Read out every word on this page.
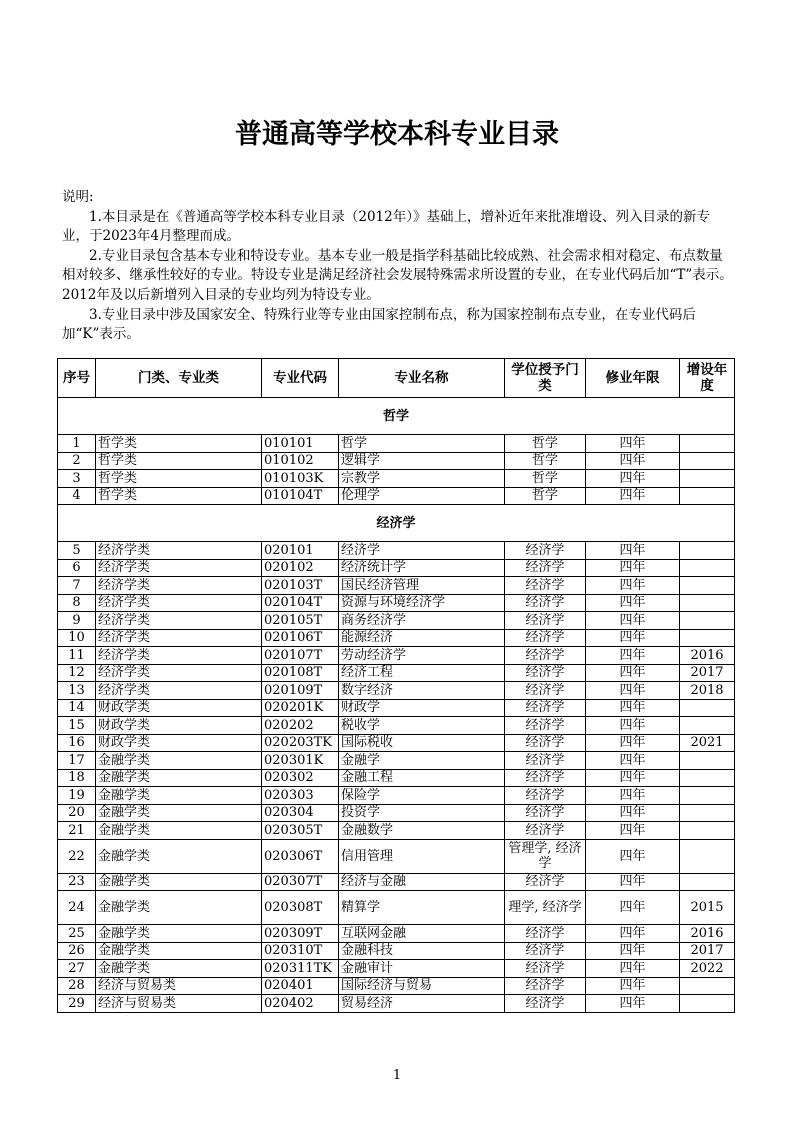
普通高等学校本科专业目录

说明:

1.本目录是在《普通高等学校本科专业目录（2012年）》基础上，增补近年来批准增设、列入目录的新专业，于2023年4月整理而成。

2.专业目录包含基本专业和特设专业。基本专业一般是指学科基础比较成熟、社会需求相对稳定、布点数量相对较多、继承性较好的专业。特设专业是满足经济社会发展特殊需求所设置的专业，在专业代码后加“T”表示。2012年及以后新增列入目录的专业均列为特设专业。

3.专业目录中涉及国家安全、特殊行业等专业由国家控制布点，称为国家控制布点专业，在专业代码后加“K”表示。

序号	门类、专业类	专业代码	专业名称	学位授予门类	修业年限	增设年度
哲学						
1	哲学类	010101	哲学	哲学	四年	
2	哲学类	010102	逻辑学	哲学	四年	
3	哲学类	010103K	宗教学	哲学	四年	
4	哲学类	010104T	伦理学	哲学	四年	
经济学						
5	经济学类	020101	经济学	经济学	四年	
6	经济学类	020102	经济统计学	经济学	四年	
7	经济学类	020103T	国民经济管理	经济学	四年	
8	经济学类	020104T	资源与环境经济学	经济学	四年	
9	经济学类	020105T	商务经济学	经济学	四年	
10	经济学类	020106T	能源经济	经济学	四年	
11	经济学类	020107T	劳动经济学	经济学	四年	2016
12	经济学类	020108T	经济工程	经济学	四年	2017
13	经济学类	020109T	数字经济	经济学	四年	2018
14	财政学类	020201K	财政学	经济学	四年	
15	财政学类	020202	税收学	经济学	四年	
16	财政学类	020203TK	国际税收	经济学	四年	2021
17	金融学类	020301K	金融学	经济学	四年	
18	金融学类	020302	金融工程	经济学	四年	
19	金融学类	020303	保险学	经济学	四年	
20	金融学类	020304	投资学	经济学	四年	
21	金融学类	020305T	金融数学	经济学	四年	
22	金融学类	020306T	信用管理	管理学, 经济学	四年	
23	金融学类	020307T	经济与金融	经济学	四年	
24	金融学类	020308T	精算学	理学, 经济学	四年	2015
25	金融学类	020309T	互联网金融	经济学	四年	2016
26	金融学类	020310T	金融科技	经济学	四年	2017
27	金融学类	020311TK	金融审计	经济学	四年	2022
28	经济与贸易类	020401	国际经济与贸易	经济学	四年	
29	经济与贸易类	020402	贸易经济	经济学	四年	
1
